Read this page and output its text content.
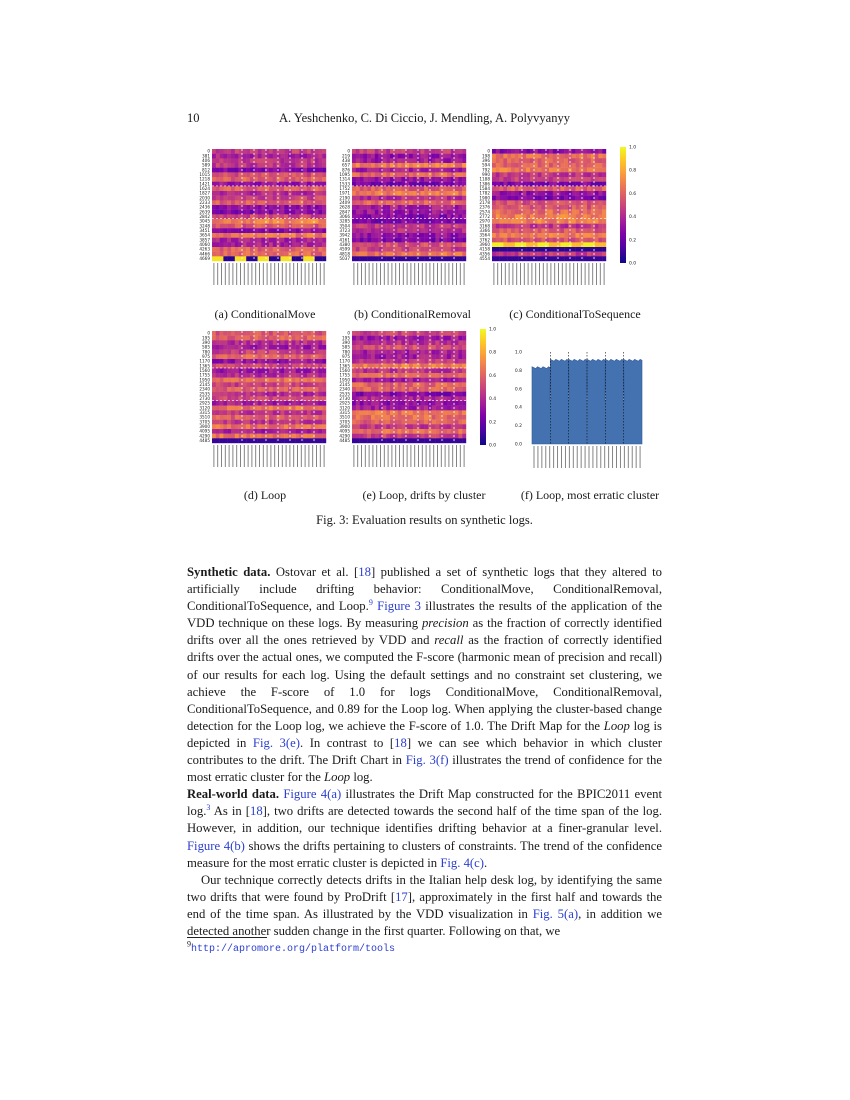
10	A. Yeshchenko, C. Di Ciccio, J. Mendling, A. Polyvyanyy
0
381
406
589
812
1015
1218
1421
1624
1827
2030
2233
2436
2639
2842
3045
3248
3451
3654
3857
4060
4263
4466
4669
0
219
438
657
876
1095
1314
1533
1752
1971
2190
2409
2628
2847
3066
3285
3504
3723
3942
4161
4380
4599
4818
5037
0
198
396
594
792
990
1188
1386
1584
1782
1980
2178
2376
2574
2772
2970
3168
3366
3564
3762
3960
4158
4356
4554
1.0
0.8
0.6
0.4
0.2
0.0
0
195
390
585
780
975
1170
1365
1560
1755
1950
2145
2340
2535
2730
2925
3120
3315
3510
3705
3900
4095
4290
4485
0
195
390
585
780
975
1170
1365
1560
1755
1950
2145
2340
2535
2730
2925
3120
3315
3510
3705
3900
4095
4290
4485
1.0
0.8
0.6
0.4
0.2
0.0
1.0
0.8
0.6
0.4
0.2
0.0
(a) ConditionalMove	(b) ConditionalRemoval	(c) ConditionalToSequence
(d) Loop	(e) Loop, drifts by cluster	(f) Loop, most erratic cluster
Fig. 3: Evaluation results on synthetic logs.

Synthetic data. Ostovar et al. [18] published a set of synthetic logs that they altered to artificially include drifting behavior: ConditionalMove, ConditionalRemoval, ConditionalToSequence, and Loop.$^9$ Figure 3 illustrates the results of the application of the VDD technique on these logs. By measuring precision as the fraction of correctly identified drifts over all the ones retrieved by VDD and recall as the fraction of correctly identified drifts over the actual ones, we computed the F-score (harmonic mean of precision and recall) of our results for each log. Using the default settings and no constraint set clustering, we achieve the F-score of 1.0 for logs ConditionalMove, ConditionalRemoval, ConditionalToSequence, and 0.89 for the Loop log. When applying the cluster-based change detection for the Loop log, we achieve the F-score of 1.0. The Drift Map for the Loop log is depicted in Fig. 3(e). In contrast to [18] we can see which behavior in which cluster contributes to the drift. The Drift Chart in Fig. 3(f) illustrates the trend of confidence for the most erratic cluster for the Loop log.

Real-world data. Figure 4(a) illustrates the Drift Map constructed for the BPIC2011 event log.$^3$ As in [18], two drifts are detected towards the second half of the time span of the log. However, in addition, our technique identifies drifting behavior at a finer-granular level. Figure 4(b) shows the drifts pertaining to clusters of constraints. The trend of the confidence measure for the most erratic cluster is depicted in Fig. 4(c).

Our technique correctly detects drifts in the Italian help desk log, by identifying the same two drifts that were found by ProDrift [17], approximately in the first half and towards the end of the time span. As illustrated by the VDD visualization in Fig. 5(a), in addition we detected another sudden change in the first quarter. Following on that, we

$^9$http://apromore.org/platform/tools
